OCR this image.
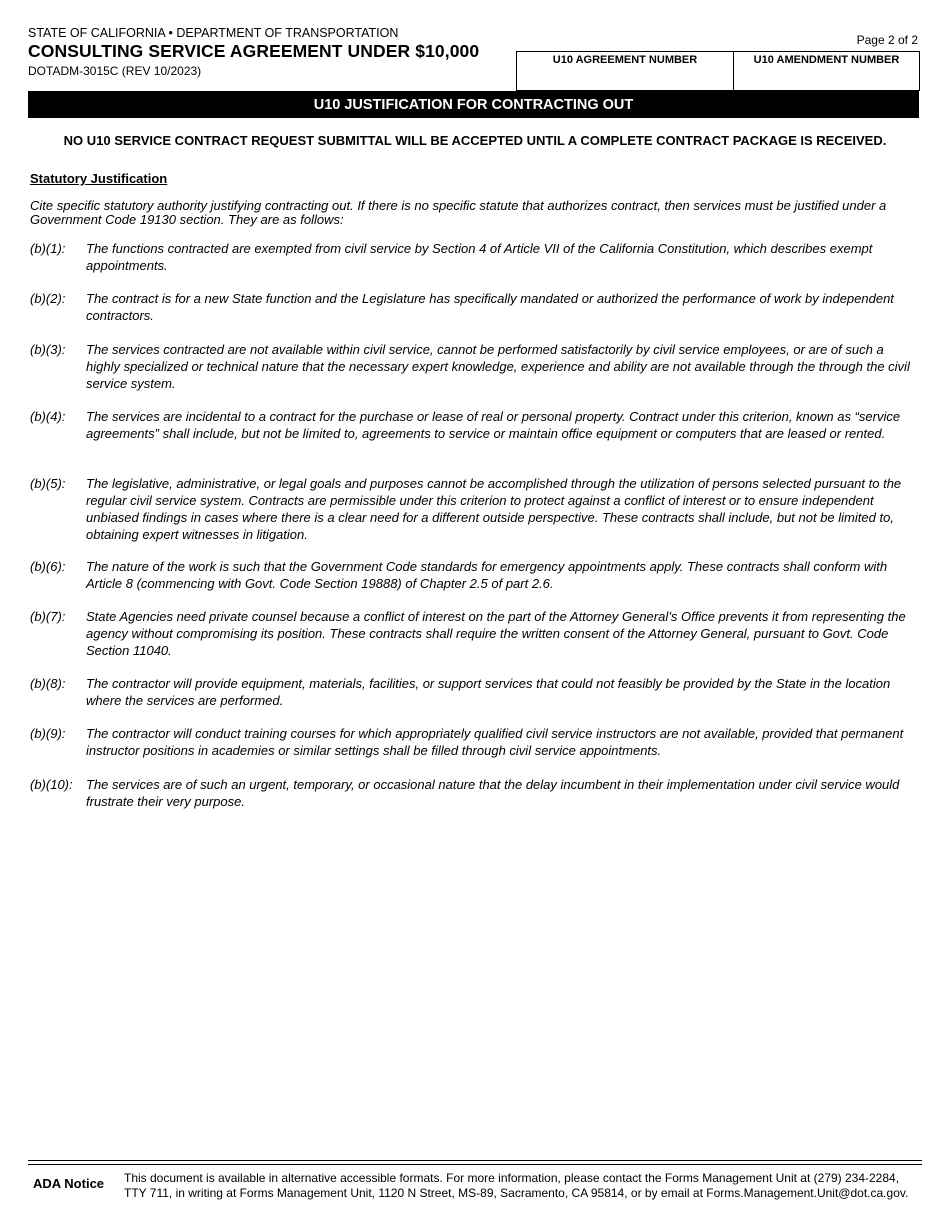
STATE OF CALIFORNIA • DEPARTMENT OF TRANSPORTATION
CONSULTING SERVICE AGREEMENT UNDER $10,000
DOTADM-3015C (REV 10/2023)
Page 2 of 2
U10 AGREEMENT NUMBER	U10 AMENDMENT NUMBER
U10 JUSTIFICATION FOR CONTRACTING OUT
NO U10 SERVICE CONTRACT REQUEST SUBMITTAL WILL BE ACCEPTED UNTIL A COMPLETE CONTRACT PACKAGE IS RECEIVED.
Statutory Justification
Cite specific statutory authority justifying contracting out. If there is no specific statute that authorizes contract, then services must be justified under a Government Code 19130 section. They are as follows:
(b)(1):	The functions contracted are exempted from civil service by Section 4 of Article VII of the California Constitution, which describes exempt appointments.
(b)(2):	The contract is for a new State function and the Legislature has specifically mandated or authorized the performance of work by independent contractors.
(b)(3):	The services contracted are not available within civil service, cannot be performed satisfactorily by civil service employees, or are of such a highly specialized or technical nature that the necessary expert knowledge, experience and ability are not available through the through the civil service system.
(b)(4):	The services are incidental to a contract for the purchase or lease of real or personal property. Contract under this criterion, known as “service agreements” shall include, but not be limited to, agreements to service or maintain office equipment or computers that are leased or rented.
(b)(5):	The legislative, administrative, or legal goals and purposes cannot be accomplished through the utilization of persons selected pursuant to the regular civil service system. Contracts are permissible under this criterion to protect against a conflict of interest or to ensure independent unbiased findings in cases where there is a clear need for a different outside perspective. These contracts shall include, but not be limited to, obtaining expert witnesses in litigation.
(b)(6):	The nature of the work is such that the Government Code standards for emergency appointments apply. These contracts shall conform with Article 8 (commencing with Govt. Code Section 19888) of Chapter 2.5 of part 2.6.
(b)(7):	State Agencies need private counsel because a conflict of interest on the part of the Attorney General’s Office prevents it from representing the agency without compromising its position. These contracts shall require the written consent of the Attorney General, pursuant to Govt. Code Section 11040.
(b)(8):	The contractor will provide equipment, materials, facilities, or support services that could not feasibly be provided by the State in the location where the services are performed.
(b)(9):	The contractor will conduct training courses for which appropriately qualified civil service instructors are not available, provided that permanent instructor positions in academies or similar settings shall be filled through civil service appointments.
(b)(10):	The services are of such an urgent, temporary, or occasional nature that the delay incumbent in their implementation under civil service would frustrate their very purpose.
ADA Notice This document is available in alternative accessible formats. For more information, please contact the Forms Management Unit at (279) 234-2284, TTY 711, in writing at Forms Management Unit, 1120 N Street, MS-89, Sacramento, CA 95814, or by email at Forms.Management.Unit@dot.ca.gov.
